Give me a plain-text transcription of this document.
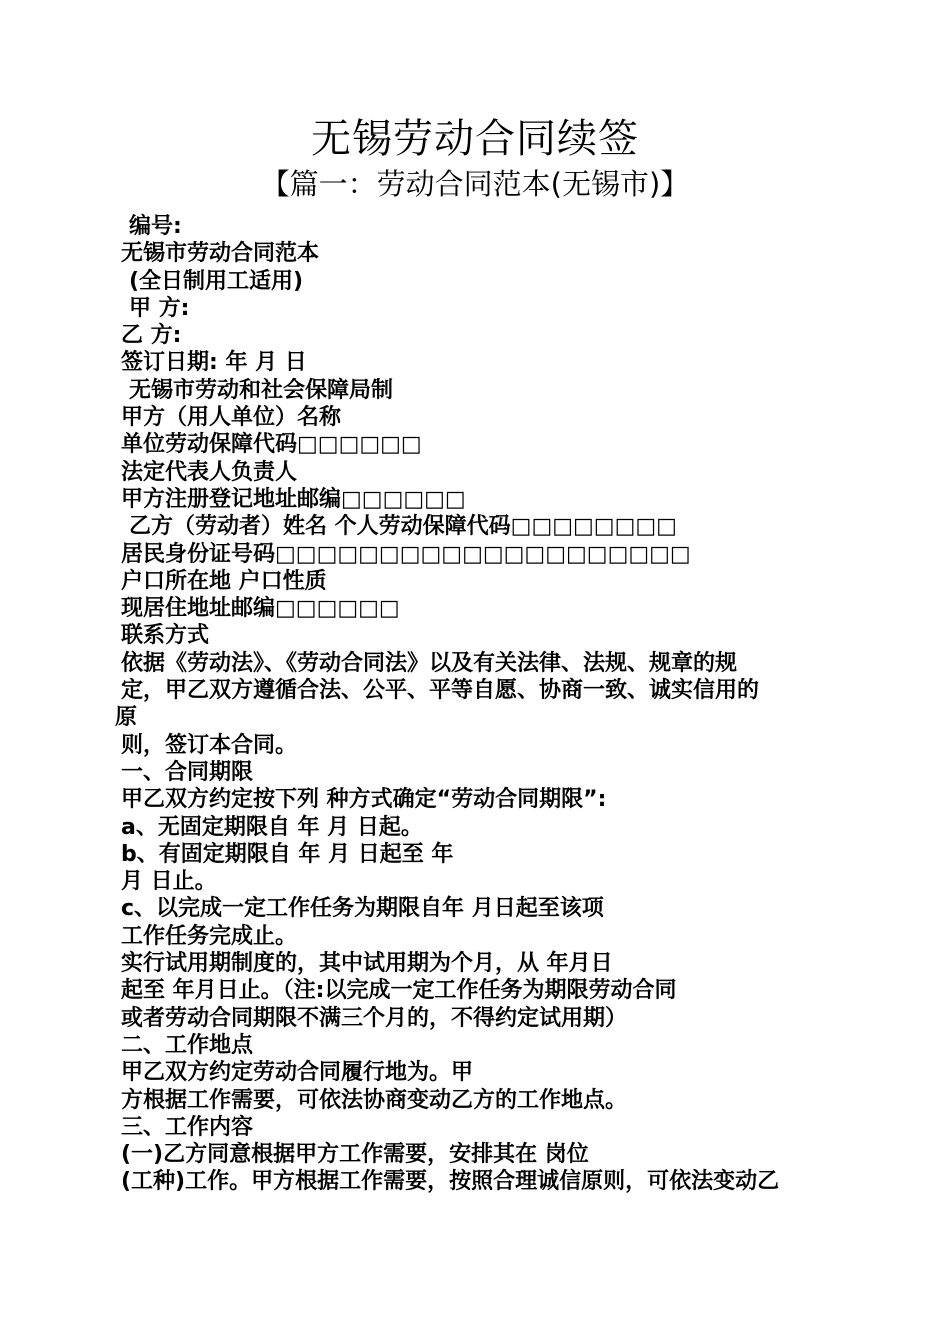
无锡劳动合同续签
【篇一：劳动合同范本(无锡市)】
编号:
无锡市劳动合同范本
(全日制用工适用)
甲 方:
乙 方:
签订日期: 年 月 日
无锡市劳动和社会保障局制
甲方（用人单位）名称
单位劳动保障代码□□□□□□
法定代表人负责人
甲方注册登记地址邮编□□□□□□
乙方（劳动者）姓名 个人劳动保障代码□□□□□□□□
居民身份证号码□□□□□□□□□□□□□□□□□□□□
户口所在地 户口性质
现居住地址邮编□□□□□□
联系方式
依据《劳动法》、《劳动合同法》以及有关法律、法规、规章的规
定，甲乙双方遵循合法、公平、平等自愿、协商一致、诚实信用的
原
则，签订本合同。
一、合同期限
甲乙双方约定按下列 种方式确定“劳动合同期限”:
a、无固定期限自 年 月 日起。
b、有固定期限自 年 月 日起至 年
月 日止。
c、以完成一定工作任务为期限自年 月日起至该项
工作任务完成止。
实行试用期制度的，其中试用期为个月，从 年月日
起至 年月日止。（注:以完成一定工作任务为期限劳动合同
或者劳动合同期限不满三个月的，不得约定试用期）
二、工作地点
甲乙双方约定劳动合同履行地为。甲
方根据工作需要，可依法协商变动乙方的工作地点。
三、工作内容
(一)乙方同意根据甲方工作需要，安排其在 岗位
(工种)工作。甲方根据工作需要，按照合理诚信原则，可依法变动乙
